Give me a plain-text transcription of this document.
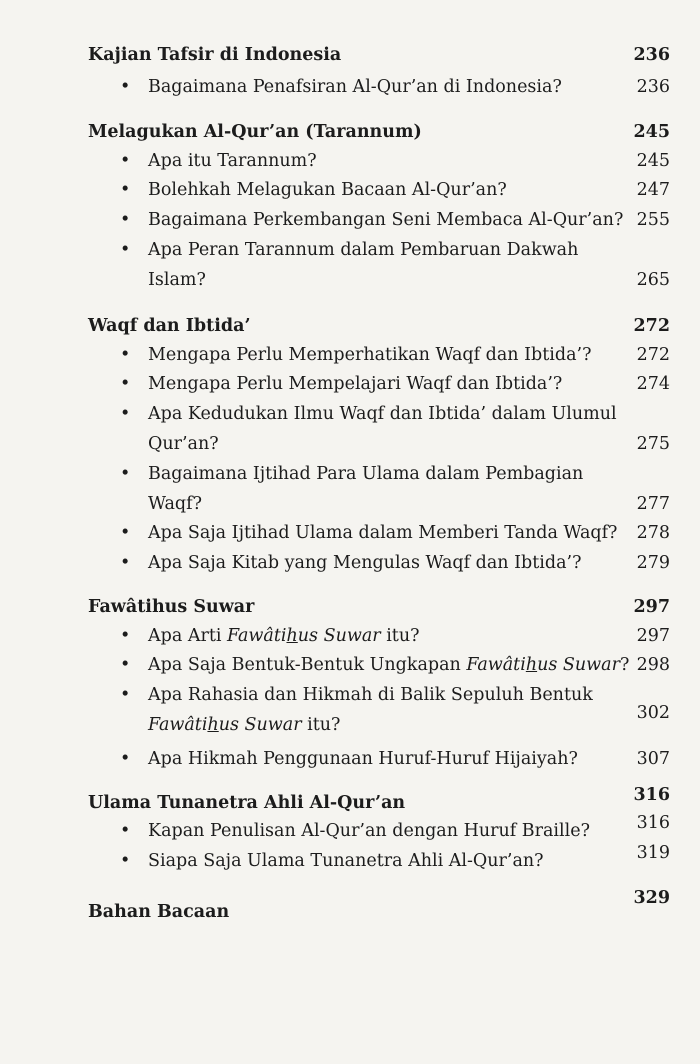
Kajian Tafsir di Indonesia	236
•	Bagaimana Penafsiran Al-Qur’an di Indonesia?	236
Melagukan Al-Qur’an (Tarannum)	245
•	Apa itu Tarannum?	245
•	Bolehkah Melagukan Bacaan Al-Qur’an?	247
•	Bagaimana Perkembangan Seni Membaca Al-Qur’an? 255
•	Apa Peran Tarannum dalam Pembaruan Dakwah
Islam?	265
Waqf dan Ibtida’	272
•	Mengapa Perlu Memperhatikan Waqf dan Ibtida’?	272
•	Mengapa Perlu Mempelajari Waqf dan Ibtida’?	274
•	Apa Kedudukan Ilmu Waqf dan Ibtida’ dalam Ulumul
Qur’an?	275
•	Bagaimana Ijtihad Para Ulama dalam Pembagian
Waqf?	277
•	Apa Saja Ijtihad Ulama dalam Memberi Tanda Waqf? 278
•	Apa Saja Kitab yang Mengulas Waqf dan Ibtida’?	279
Fawâtihus Suwar	297
•	Apa Arti Fawâtihus Suwar itu?	297
•	Apa Saja Bentuk-Bentuk Ungkapan Fawâtihus Suwar? 298
•	Apa Rahasia dan Hikmah di Balik Sepuluh Bentuk
Fawâtihus Suwar itu?
302
•	Apa Hikmah Penggunaan Huruf-Huruf Hijaiyah?	307
Ulama Tunanetra Ahli Al-Qur’an	316
•	Kapan Penulisan Al-Qur’an dengan Huruf Braille?	316
•	Siapa Saja Ulama Tunanetra Ahli Al-Qur’an?	319
Bahan Bacaan
329
